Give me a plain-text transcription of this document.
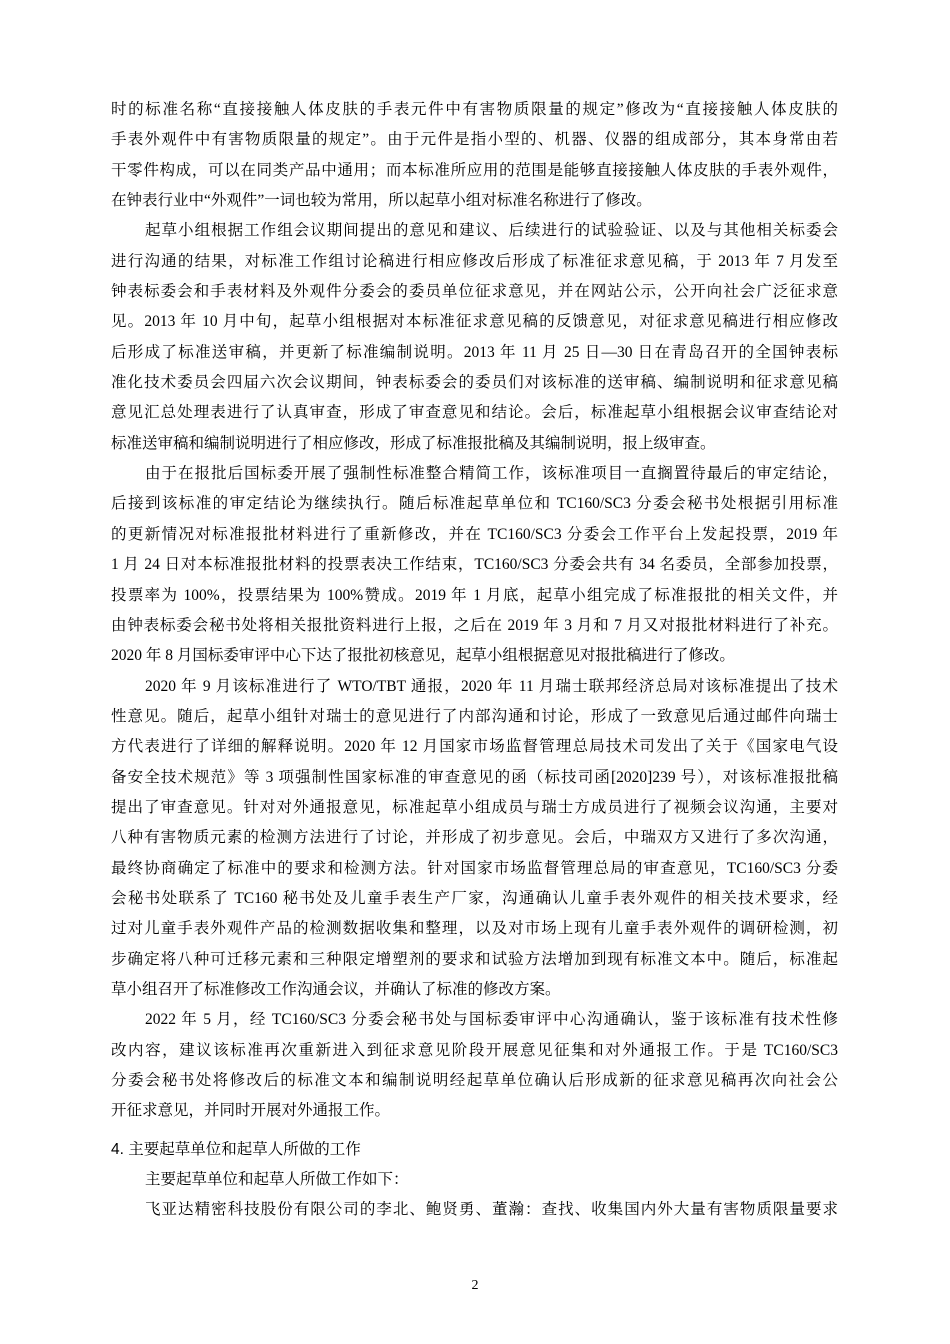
时的标准名称“直接接触人体皮肤的手表元件中有害物质限量的规定”修改为“直接接触人体皮肤的
手表外观件中有害物质限量的规定”。由于元件是指小型的、机器、仪器的组成部分，其本身常由若
干零件构成，可以在同类产品中通用；而本标准所应用的范围是能够直接接触人体皮肤的手表外观件，
在钟表行业中“外观件”一词也较为常用，所以起草小组对标准名称进行了修改。
起草小组根据工作组会议期间提出的意见和建议、后续进行的试验验证、以及与其他相关标委会
进行沟通的结果，对标准工作组讨论稿进行相应修改后形成了标准征求意见稿，于 2013 年 7 月发至
钟表标委会和手表材料及外观件分委会的委员单位征求意见，并在网站公示，公开向社会广泛征求意
见。2013 年 10 月中旬，起草小组根据对本标准征求意见稿的反馈意见，对征求意见稿进行相应修改
后形成了标准送审稿，并更新了标准编制说明。2013 年 11 月 25 日—30 日在青岛召开的全国钟表标
准化技术委员会四届六次会议期间，钟表标委会的委员们对该标准的送审稿、编制说明和征求意见稿
意见汇总处理表进行了认真审查，形成了审查意见和结论。会后，标准起草小组根据会议审查结论对
标准送审稿和编制说明进行了相应修改，形成了标准报批稿及其编制说明，报上级审查。
由于在报批后国标委开展了强制性标准整合精简工作，该标准项目一直搁置待最后的审定结论，
后接到该标准的审定结论为继续执行。随后标准起草单位和 TC160/SC3 分委会秘书处根据引用标准
的更新情况对标准报批材料进行了重新修改，并在 TC160/SC3 分委会工作平台上发起投票，2019 年
1 月 24 日对本标准报批材料的投票表决工作结束，TC160/SC3 分委会共有 34 名委员，全部参加投票，
投票率为 100%，投票结果为 100%赞成。2019 年 1 月底，起草小组完成了标准报批的相关文件，并
由钟表标委会秘书处将相关报批资料进行上报，之后在 2019 年 3 月和 7 月又对报批材料进行了补充。
2020 年 8 月国标委审评中心下达了报批初核意见，起草小组根据意见对报批稿进行了修改。
2020 年 9 月该标准进行了 WTO/TBT 通报，2020 年 11 月瑞士联邦经济总局对该标准提出了技术
性意见。随后，起草小组针对瑞士的意见进行了内部沟通和讨论，形成了一致意见后通过邮件向瑞士
方代表进行了详细的解释说明。2020 年 12 月国家市场监督管理总局技术司发出了关于《国家电气设
备安全技术规范》等 3 项强制性国家标准的审查意见的函（标技司函[2020]239 号），对该标准报批稿
提出了审查意见。针对对外通报意见，标准起草小组成员与瑞士方成员进行了视频会议沟通，主要对
八种有害物质元素的检测方法进行了讨论，并形成了初步意见。会后，中瑞双方又进行了多次沟通，
最终协商确定了标准中的要求和检测方法。针对国家市场监督管理总局的审查意见，TC160/SC3 分委
会秘书处联系了 TC160 秘书处及儿童手表生产厂家，沟通确认儿童手表外观件的相关技术要求，经
过对儿童手表外观件产品的检测数据收集和整理，以及对市场上现有儿童手表外观件的调研检测，初
步确定将八种可迁移元素和三种限定增塑剂的要求和试验方法增加到现有标准文本中。随后，标准起
草小组召开了标准修改工作沟通会议，并确认了标准的修改方案。
2022 年 5 月，经 TC160/SC3 分委会秘书处与国标委审评中心沟通确认，鉴于该标准有技术性修
改内容，建议该标准再次重新进入到征求意见阶段开展意见征集和对外通报工作。于是 TC160/SC3
分委会秘书处将修改后的标准文本和编制说明经起草单位确认后形成新的征求意见稿再次向社会公
开征求意见，并同时开展对外通报工作。
4. 主要起草单位和起草人所做的工作
主要起草单位和起草人所做工作如下：
飞亚达精密科技股份有限公司的李北、鲍贤勇、董瀚：查找、收集国内外大量有害物质限量要求
2
